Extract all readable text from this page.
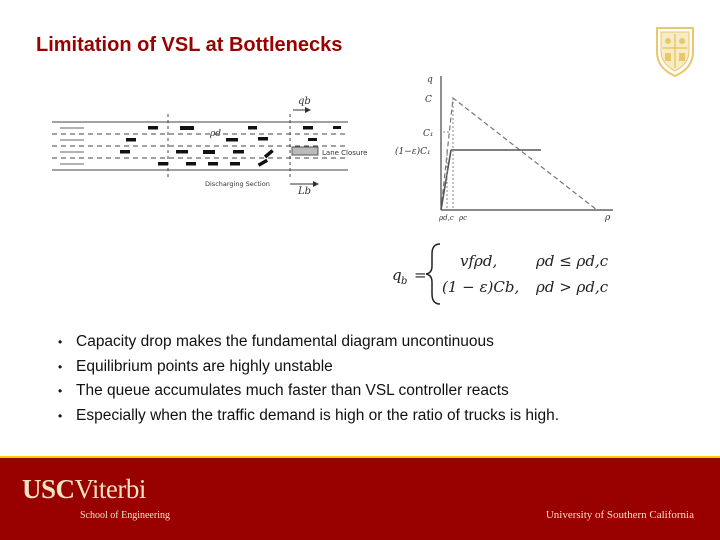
Limitation of VSL at Bottlenecks
qb
ρd
Lane Closure
Discharging Section
Lb
q
ρ
C
C₁
(1−ε)C₁
ρd,c ρc
q b =
vfρd,	ρd ≤ ρd,c
(1 − ε)Cb, ρd > ρd,c
• Capacity drop makes the fundamental diagram uncontinuous
• Equilibrium points are highly unstable
• The queue accumulates much faster than VSL controller reacts
• Especially when the traffic demand is high or the ratio of trucks is high.
USCViterbi
School of Engineering	University of Southern California
